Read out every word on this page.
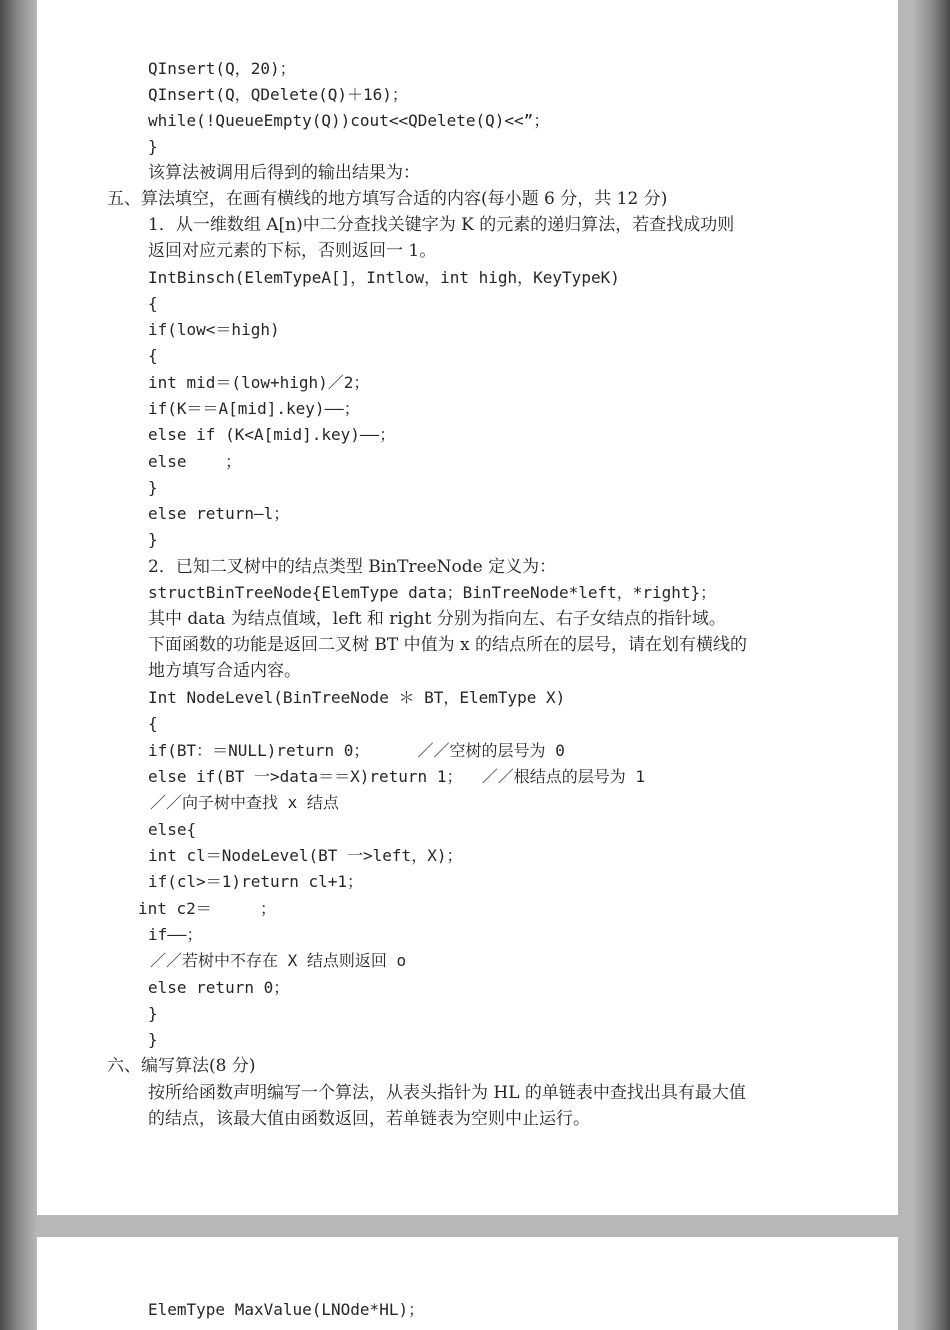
QInsert(Q，20)；
QInsert(Q，QDelete(Q)＋16)；
while(!QueueEmpty(Q))cout<<QDelete(Q)<<”；
}
该算法被调用后得到的输出结果为：
五、算法填空，在画有横线的地方填写合适的内容(每小题 6 分，共 12 分)
1．从一维数组 A[n)中二分查找关键字为 K 的元素的递归算法，若查找成功则
返回对应元素的下标，否则返回一 1。
IntBinsch(ElemTypeA[]，Intlow，int high，KeyTypeK)
{
if(low<＝high)
{
int mid＝(low+high)／2；
if(K＝＝A[mid].key)——；
else if (K<A[mid].key)——；
else    ；
}
else return—l；
}
2．已知二叉树中的结点类型 BinTreeNode 定义为：
structBinTreeNode{ElemType data；BinTreeNode*left，*right}；
其中 data 为结点值域，left 和 right 分别为指向左、右子女结点的指针域。
下面函数的功能是返回二叉树 BT 中值为 x 的结点所在的层号，请在划有横线的
地方填写合适内容。
Int NodeLevel(BinTreeNode ＊ BT，ElemType X)
{
if(BT：＝NULL)return 0；     ／／空树的层号为 0
else if(BT 一>data＝＝X)return 1；  ／／根结点的层号为 1
／／向子树中查找 x 结点
else{
int cl＝NodeLevel(BT 一>left，X)；
if(cl>＝1)return cl+1；
int c2＝     ；
if——；
／／若树中不存在 X 结点则返回 o
else return 0；
}
}
六、编写算法(8 分)
按所给函数声明编写一个算法，从表头指针为 HL 的单链表中查找出具有最大值
的结点，该最大值由函数返回，若单链表为空则中止运行。
ElemType MaxValue(LNOde*HL)；
